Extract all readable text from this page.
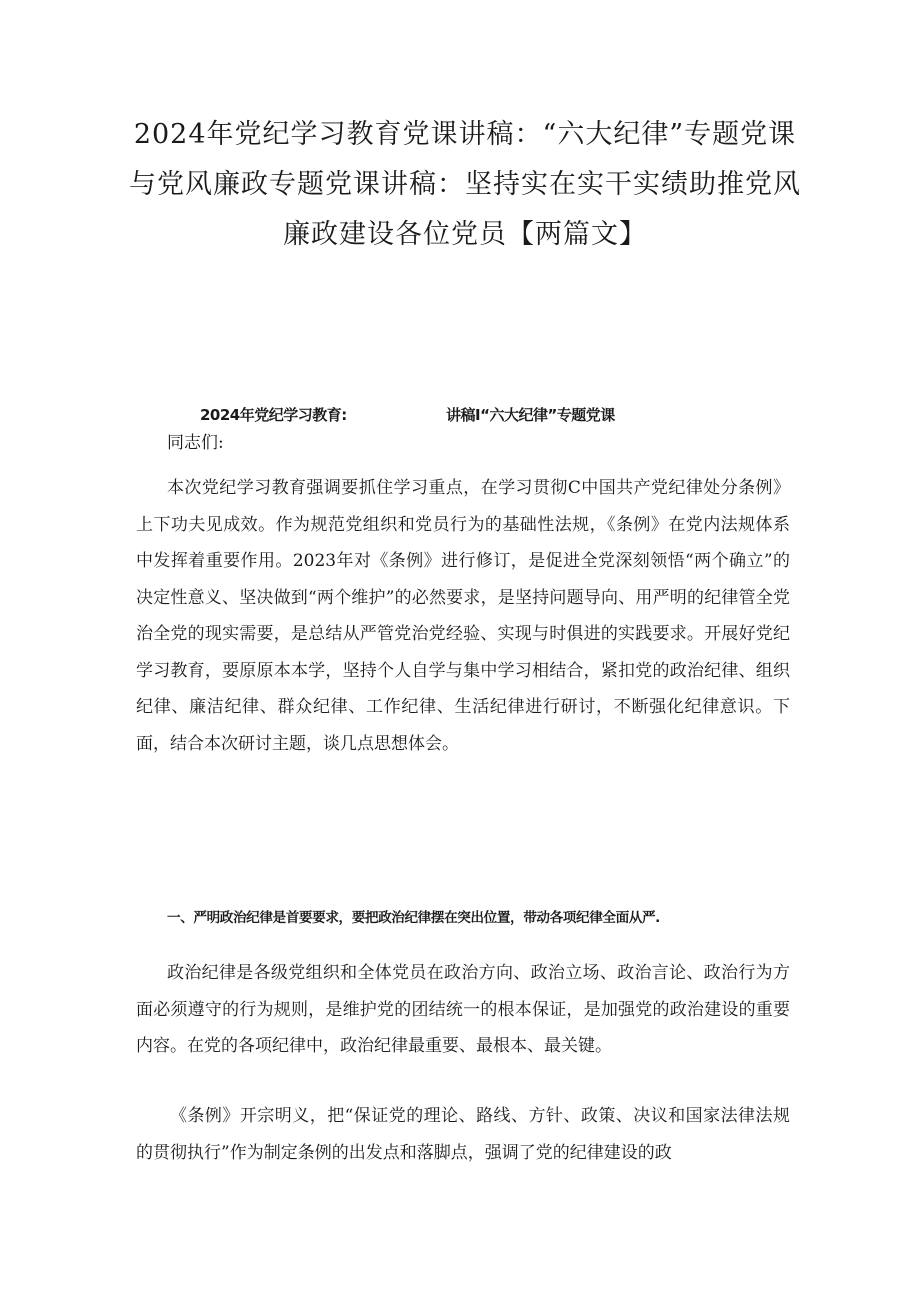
2024年党纪学习教育党课讲稿：“六大纪律”专题党课与党风廉政专题党课讲稿：坚持实在实干实绩助推党风廉政建设各位党员【两篇文】
2024年党纪学习教育:	讲稿I“六大纪律”专题党课
同志们:

本次党纪学习教育强调要抓住学习重点，在学习贯彻C中国共产党纪律处分条例》上下功夫见成效。作为规范党组织和党员行为的基础性法规，《条例》在党内法规体系中发挥着重要作用。2023年对《条例》进行修订，是促进全党深刻领悟“两个确立”的决定性意义、坚决做到“两个维护”的必然要求，是坚持问题导向、用严明的纪律管全党治全党的现实需要，是总结从严管党治党经验、实现与时俱进的实践要求。开展好党纪学习教育，要原原本本学，坚持个人自学与集中学习相结合，紧扣党的政治纪律、组织纪律、廉洁纪律、群众纪律、工作纪律、生活纪律进行研讨，不断强化纪律意识。下面，结合本次研讨主题，谈几点思想体会。

一、严明政治纪律是首要要求，要把政治纪律摆在突出位置，带动各项纪律全面从严.

政治纪律是各级党组织和全体党员在政治方向、政治立场、政治言论、政治行为方面必须遵守的行为规则，是维护党的团结统一的根本保证，是加强党的政治建设的重要内容。在党的各项纪律中，政治纪律最重要、最根本、最关键。

《条例》开宗明义，把“保证党的理论、路线、方针、政策、决议和国家法律法规的贯彻执行”作为制定条例的出发点和落脚点，强调了党的纪律建设的政
